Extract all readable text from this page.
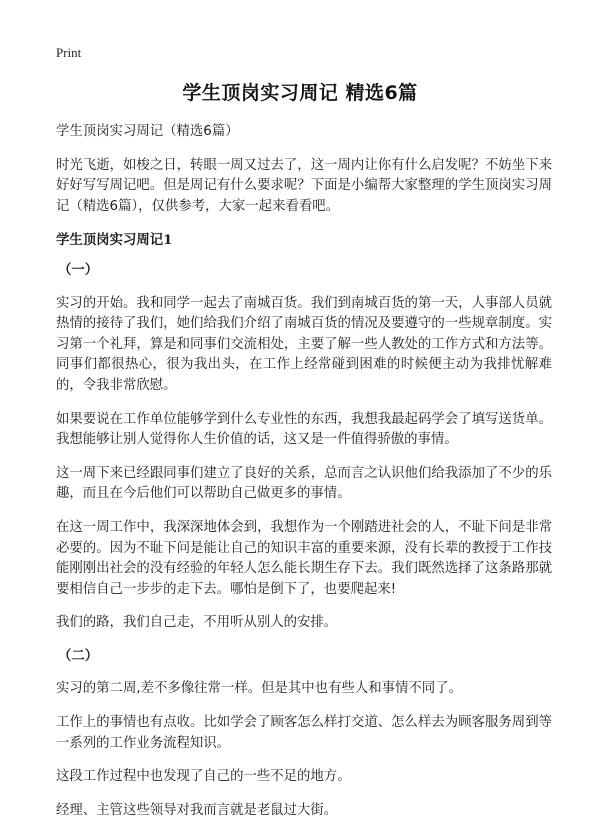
Print
学生顶岗实习周记 精选6篇

学生顶岗实习周记（精选6篇）

时光飞逝，如梭之日，转眼一周又过去了，这一周内让你有什么启发呢？不妨坐下来好好写写周记吧。但是周记有什么要求呢？下面是小编帮大家整理的学生顶岗实习周记（精选6篇），仅供参考，大家一起来看看吧。

学生顶岗实习周记1

（一）

实习的开始。我和同学一起去了南城百货。我们到南城百货的第一天，人事部人员就热情的接待了我们，她们给我们介绍了南城百货的情况及要遵守的一些规章制度。实习第一个礼拜，算是和同事们交流相处，主要了解一些人教处的工作方式和方法等。同事们都很热心，很为我出头，在工作上经常碰到困难的时候便主动为我排忧解难的，令我非常欣慰。

如果要说在工作单位能够学到什么专业性的东西，我想我最起码学会了填写送货单。我想能够让别人觉得你人生价值的话，这又是一件值得骄傲的事情。

这一周下来已经跟同事们建立了良好的关系，总而言之认识他们给我添加了不少的乐趣，而且在今后他们可以帮助自己做更多的事情。

在这一周工作中，我深深地体会到，我想作为一个刚踏进社会的人，不耻下问是非常必要的。因为不耻下问是能让自己的知识丰富的重要来源，没有长辈的教授于工作技能刚刚出社会的没有经验的年轻人怎么能长期生存下去。我们既然选择了这条路那就要相信自己一步步的走下去。哪怕是倒下了，也要爬起来!

我们的路，我们自己走，不用听从别人的安排。

（二）

实习的第二周,差不多像往常一样。但是其中也有些人和事情不同了。

工作上的事情也有点收。比如学会了顾客怎么样打交道、怎么样去为顾客服务周到等一系列的工作业务流程知识。

这段工作过程中也发现了自己的一些不足的地方。

经理、主管这些领导对我而言就是老鼠过大街。
